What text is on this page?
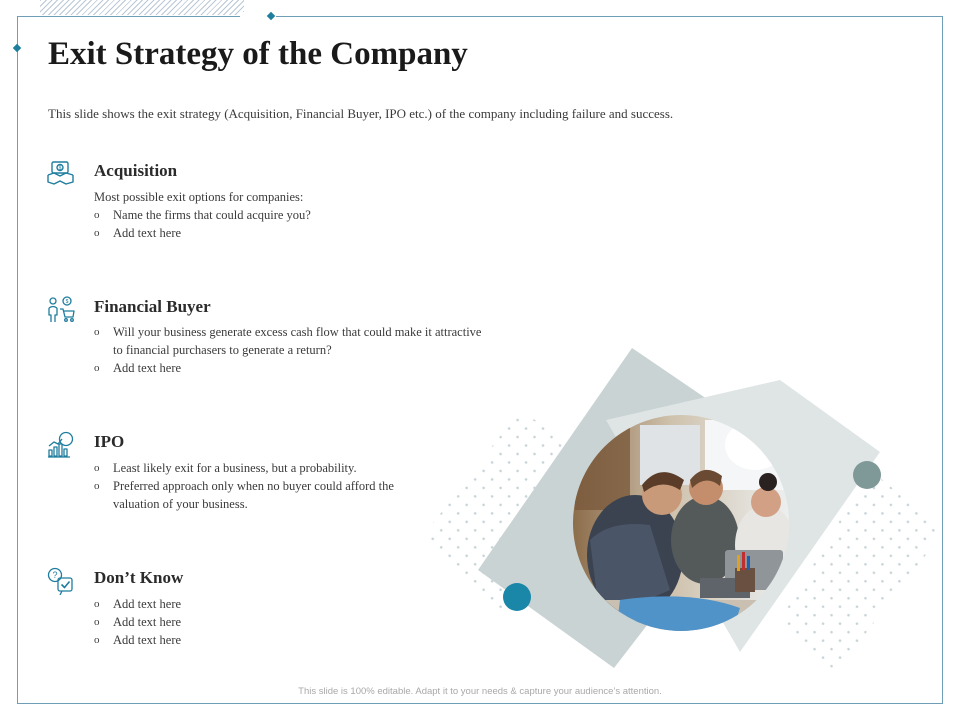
Exit Strategy of the Company

This slide shows the exit strategy (Acquisition, Financial Buyer, IPO etc.) of the company including failure and success.

$ Acquisition

Most possible exit options for companies:

o Name the firms that could acquire you?
o Add text here
$ Financial Buyer
o Will your business generate excess cash flow that could make it attractive to financial purchasers to generate a return?
o Add text here
IPO
o Least likely exit for a business, but a probability.
o Preferred approach only when no buyer could afford the valuation of your business.
? Don’t Know
o Add text here
o Add text here
o Add text here

This slide is 100% editable. Adapt it to your needs & capture your audience’s attention.
